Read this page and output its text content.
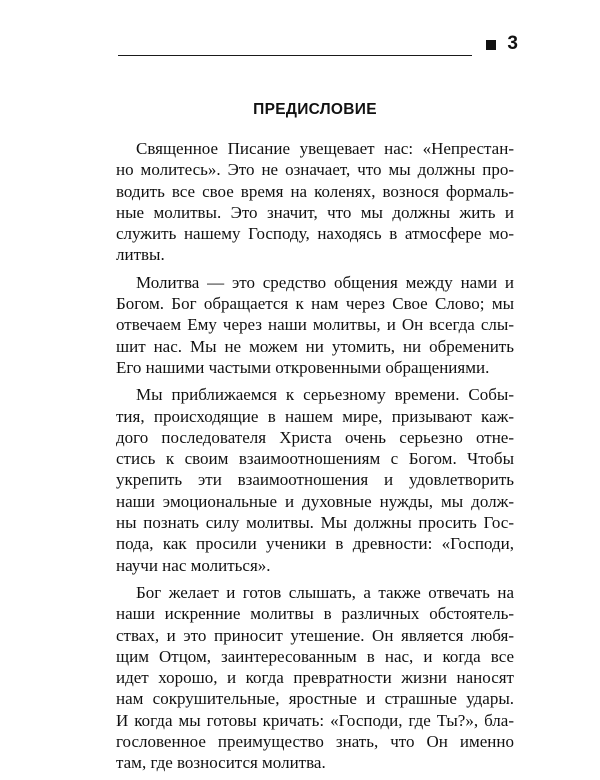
3
ПРЕДИСЛОВИЕ

Священное Писание увещевает нас: «Непрестан-
но молитесь». Это не означает, что мы должны про-
водить все свое время на коленях, вознося формаль-
ные молитвы. Это значит, что мы должны жить и
служить нашему Господу, находясь в атмосфере мо-
литвы.

Молитва — это средство общения между нами и
Богом. Бог обращается к нам через Свое Слово; мы
отвечаем Ему через наши молитвы, и Он всегда слы-
шит нас. Мы не можем ни утомить, ни обременить
Его нашими частыми откровенными обращениями.

Мы приближаемся к серьезному времени. Собы-
тия, происходящие в нашем мире, призывают каж-
дого последователя Христа очень серьезно отне-
стись к своим взаимоотношениям с Богом. Чтобы
укрепить эти взаимоотношения и удовлетворить
наши эмоциональные и духовные нужды, мы долж-
ны познать силу молитвы. Мы должны просить Гос-
пода, как просили ученики в древности: «Господи,
научи нас молиться».

Бог желает и готов слышать, а также отвечать на
наши искренние молитвы в различных обстоятель-
ствах, и это приносит утешение. Он является любя-
щим Отцом, заинтересованным в нас, и когда все
идет хорошо, и когда превратности жизни наносят
нам сокрушительные, яростные и страшные удары.
И когда мы готовы кричать: «Господи, где Ты?», бла-
гословенное преимущество знать, что Он именно
там, где возносится молитва.
